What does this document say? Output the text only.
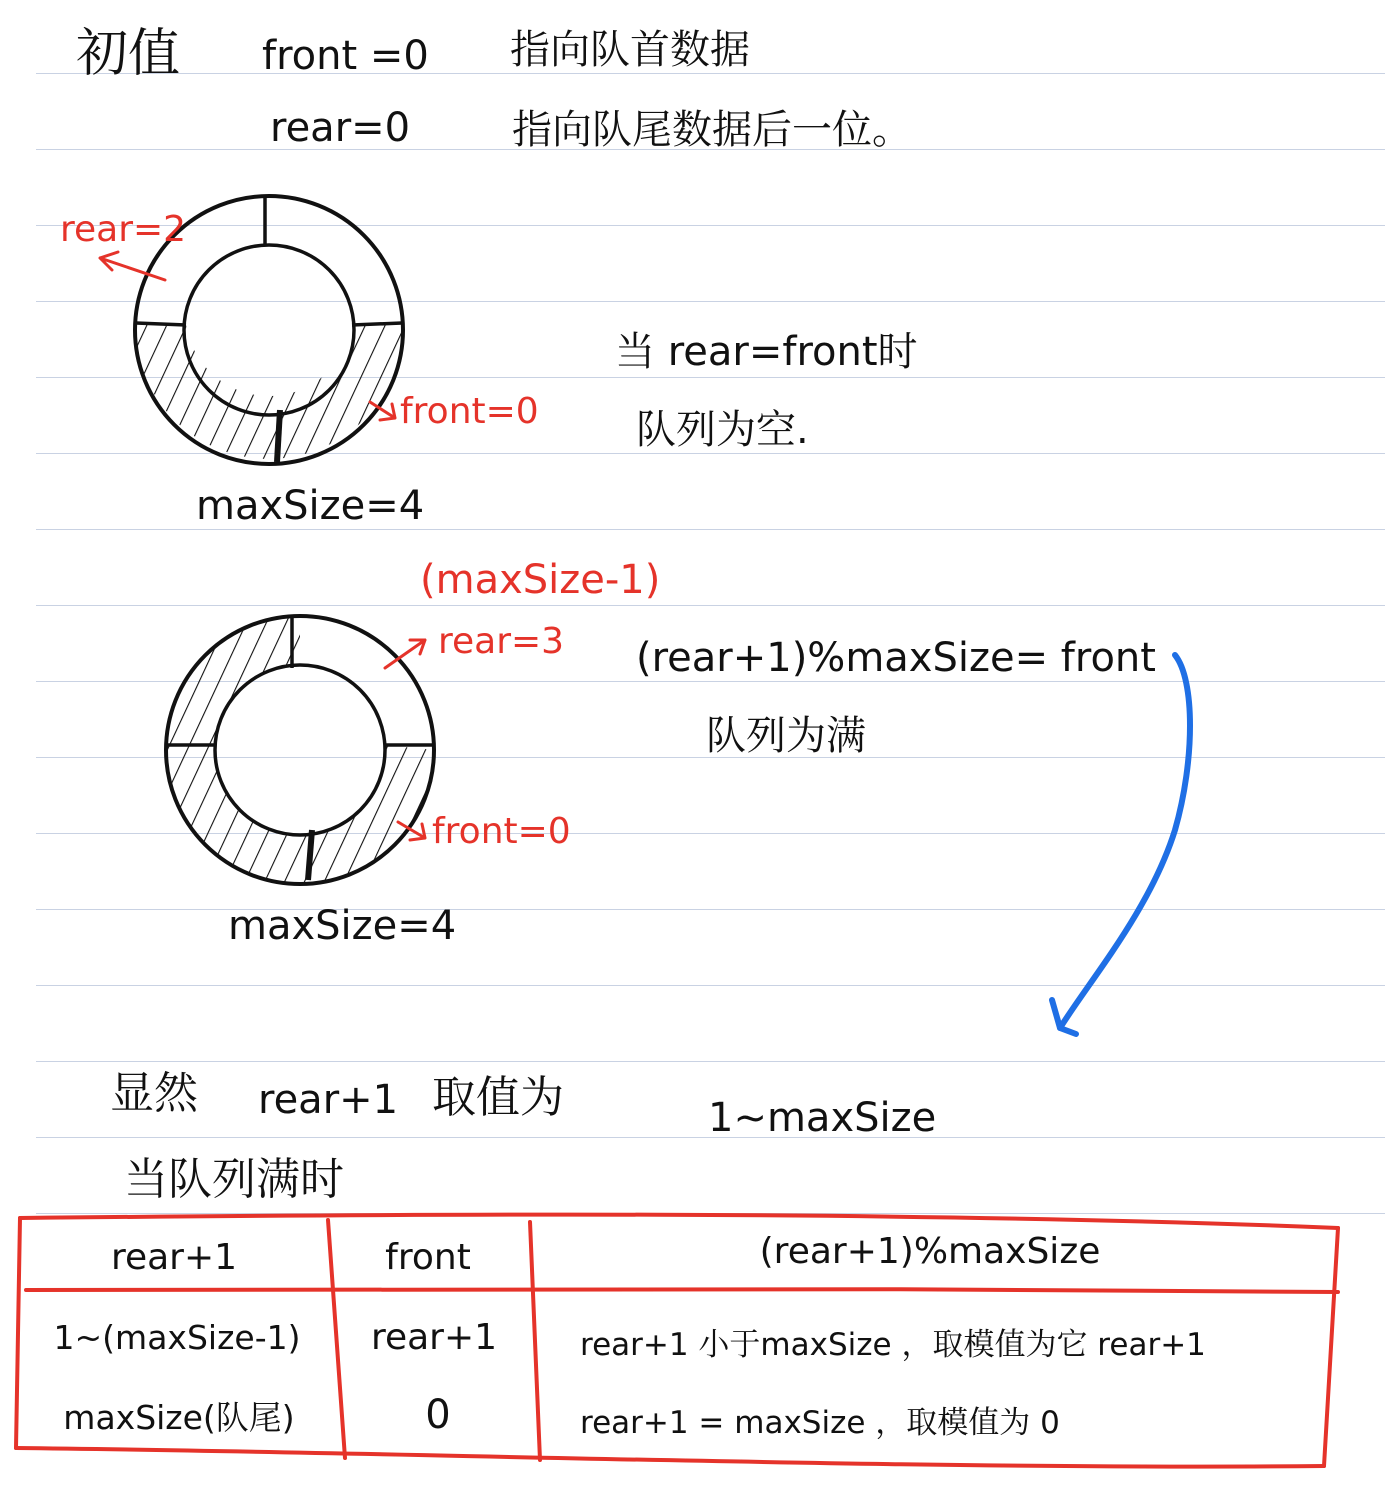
初值 front =0 指向队首数据
rear=0	指向队尾数据后一位。
rear=2
front=0
maxSize=4
当 rear=front时
队列为空.
(maxSize-1)
rear=3
front=0
maxSize=4
(rear+1)%maxSize= front
队列为满
显然 rear+1 取值为	1~maxSize
当队列满时
rear+1	front	(rear+1)%maxSize
1~(maxSize-1)	rear+1	rear+1 小于maxSize ，取模值为它 rear+1
maxSize(队尾)	0	rear+1 = maxSize ，取模值为 0
